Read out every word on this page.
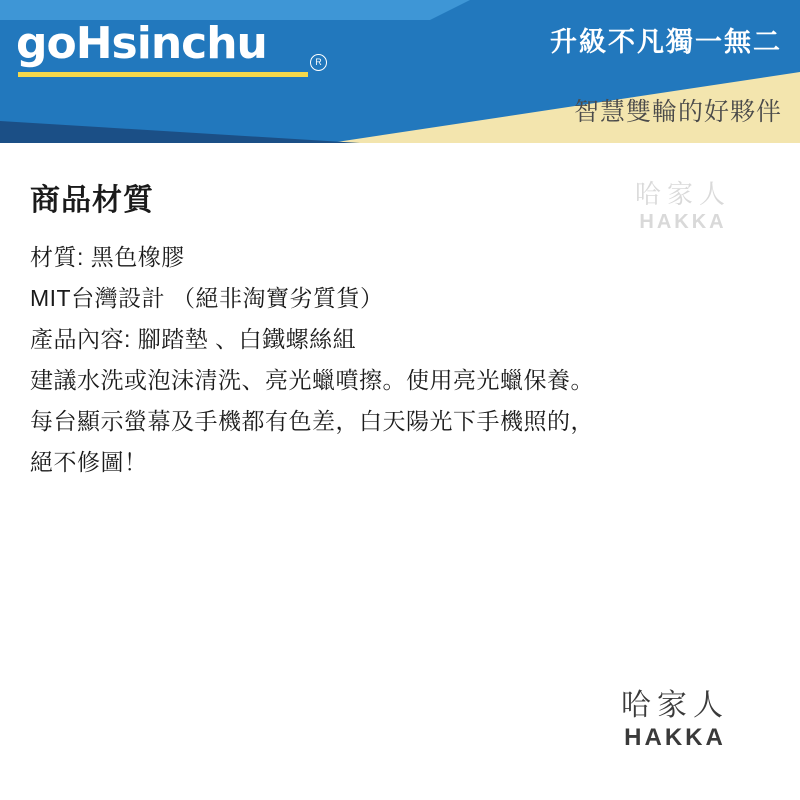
goHsinchu	R
升級不凡獨一無二
智慧雙輪的好夥伴
商品材質
材質: 黑色橡膠
MIT台灣設計 （絕非淘寶劣質貨）
產品內容: 腳踏墊 、白鐵螺絲組
建議水洗或泡沫清洗、亮光蠟噴擦。使用亮光蠟保養。
每台顯示螢幕及手機都有色差，白天陽光下手機照的，
絕不修圖！
哈家人
HAKKA
哈家人
HAKKA
